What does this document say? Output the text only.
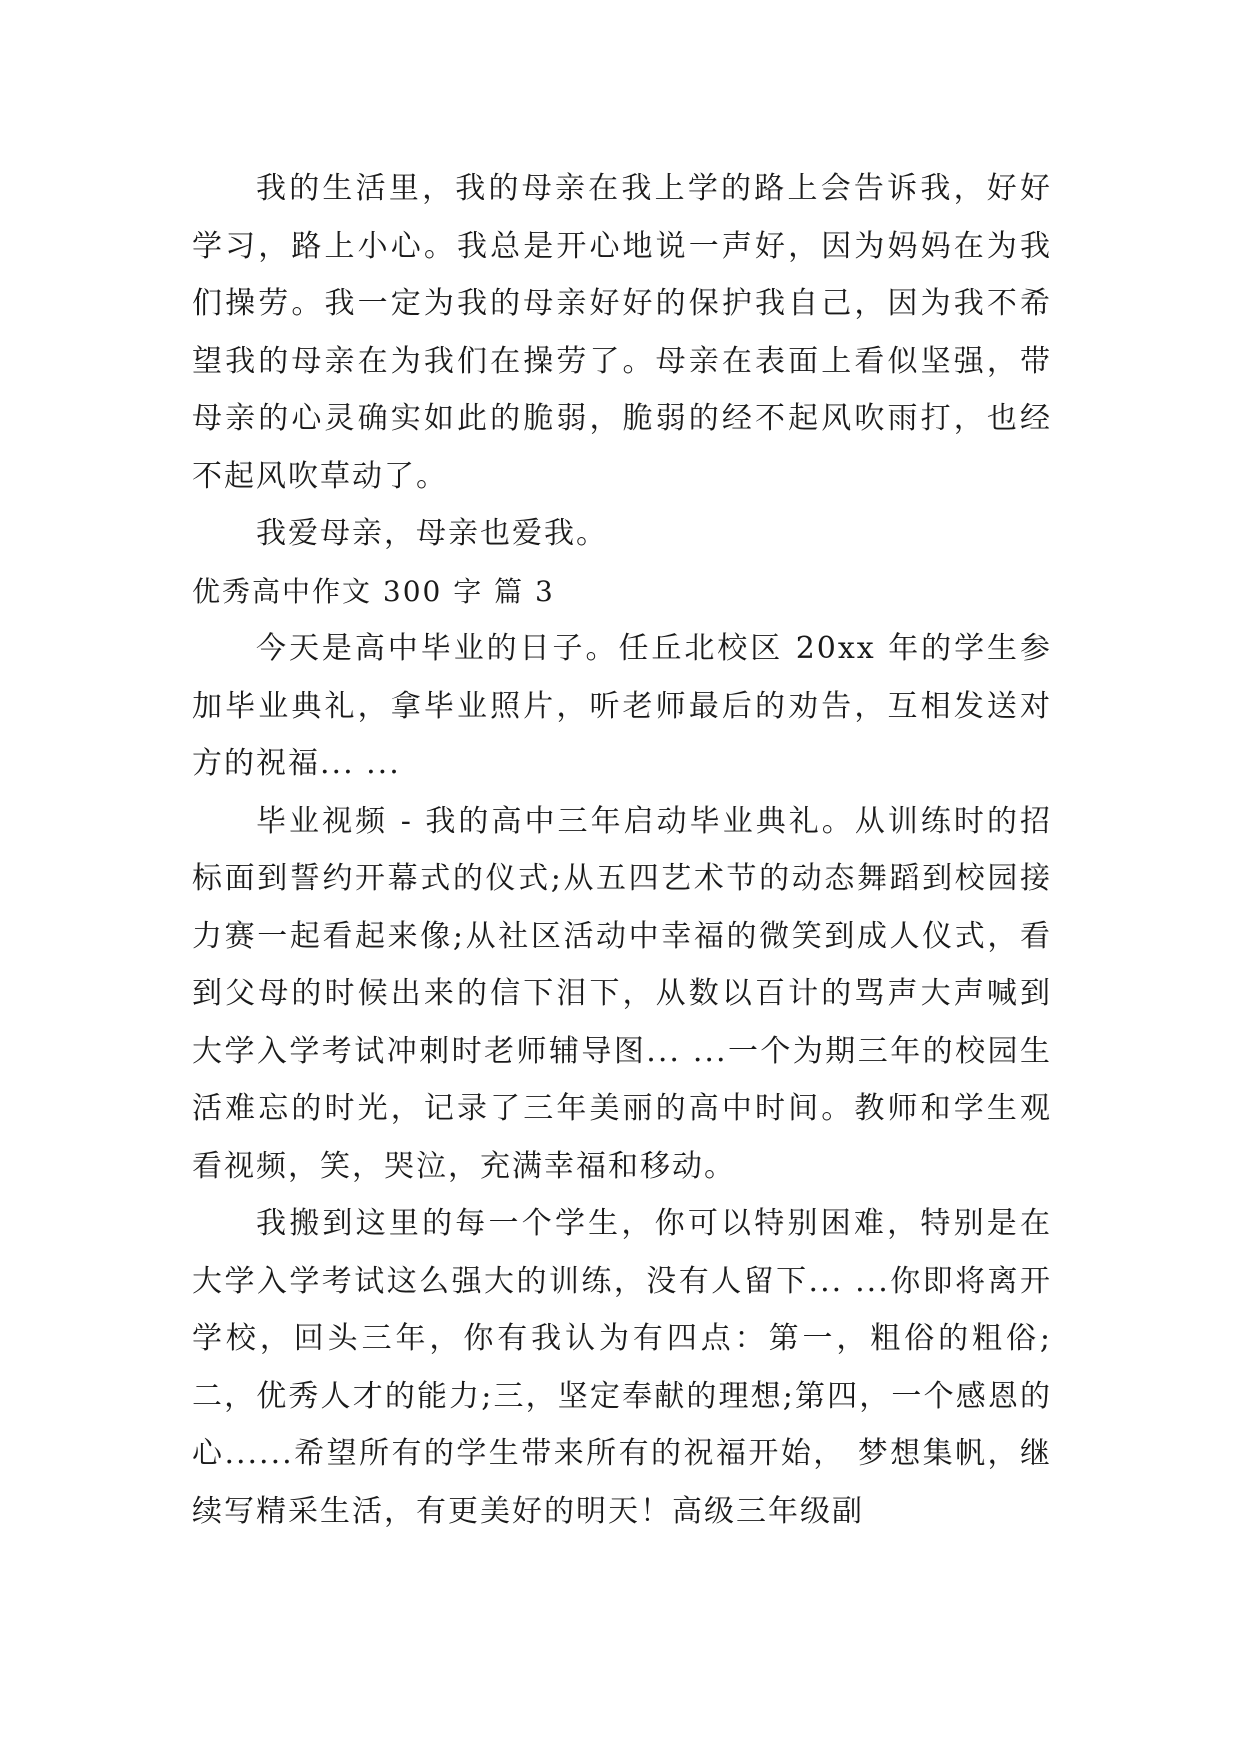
我的生活里，我的母亲在我上学的路上会告诉我，好好学习，路上小心。我总是开心地说一声好，因为妈妈在为我们操劳。我一定为我的母亲好好的保护我自己，因为我不希望我的母亲在为我们在操劳了。母亲在表面上看似坚强，带母亲的心灵确实如此的脆弱，脆弱的经不起风吹雨打，也经不起风吹草动了。

我爱母亲，母亲也爱我。

优秀高中作文 300 字 篇 3

今天是高中毕业的日子。任丘北校区 20xx 年的学生参加毕业典礼，拿毕业照片，听老师最后的劝告，互相发送对方的祝福... ...

毕业视频 - 我的高中三年启动毕业典礼。从训练时的招标面到誓约开幕式的仪式;从五四艺术节的动态舞蹈到校园接力赛一起看起来像;从社区活动中幸福的微笑到成人仪式，看到父母的时候出来的信下泪下，从数以百计的骂声大声喊到大学入学考试冲刺时老师辅导图... ...一个为期三年的校园生活难忘的时光，记录了三年美丽的高中时间。教师和学生观看视频，笑，哭泣，充满幸福和移动。

我搬到这里的每一个学生，你可以特别困难，特别是在大学入学考试这么强大的训练，没有人留下... ...你即将离开学校，回头三年，你有我认为有四点：第一，粗俗的粗俗;二，优秀人才的能力;三，坚定奉献的理想;第四，一个感恩的心......希望所有的学生带来所有的祝福开始， 梦想集帆，继续写精采生活，有更美好的明天！高级三年级副
